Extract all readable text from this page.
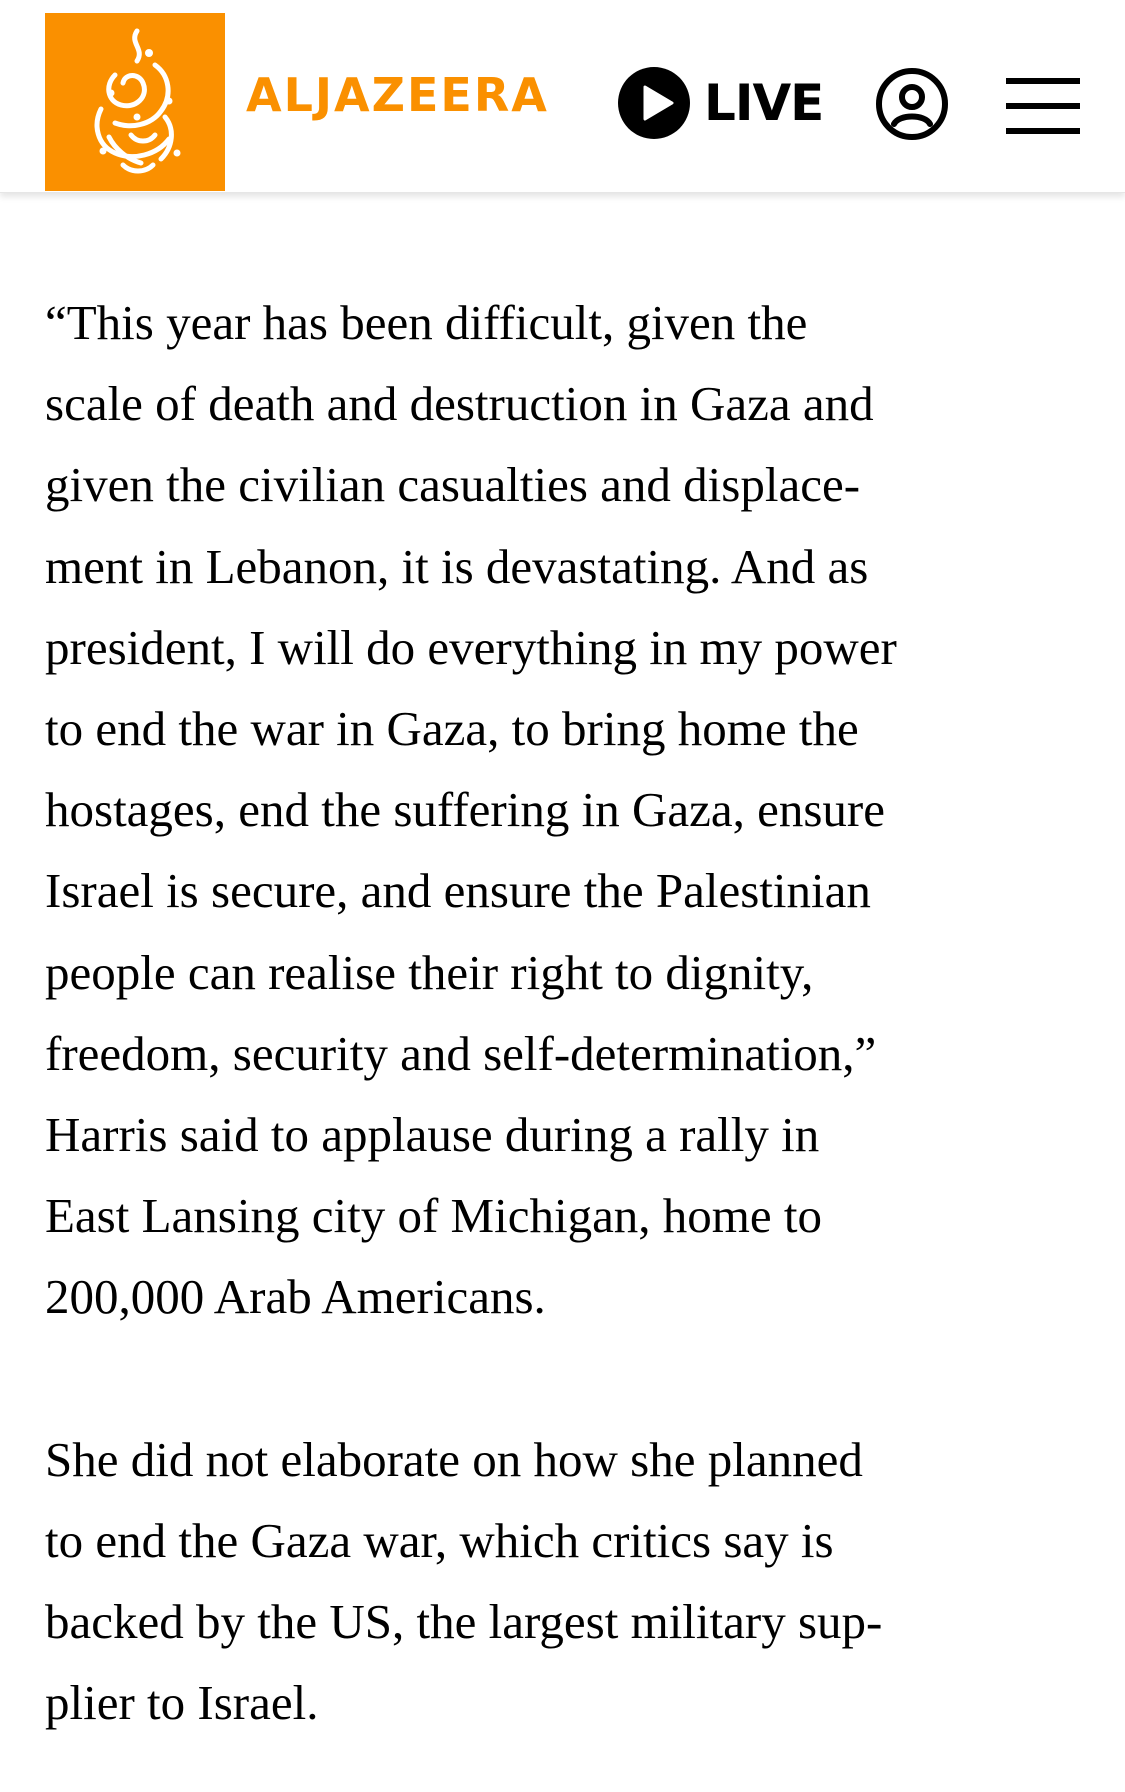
ALJAZEERA	LIVE

“This year has been difficult, given the
scale of death and destruction in Gaza and
given the civilian casualties and displace-
ment in Lebanon, it is devastating. And as
president, I will do everything in my power
to end the war in Gaza, to bring home the
hostages, end the suffering in Gaza, ensure
Israel is secure, and ensure the Palestinian
people can realise their right to dignity,
freedom, security and self-determination,”
Harris said to applause during a rally in
East Lansing city of Michigan, home to
200,000 Arab Americans.

She did not elaborate on how she planned
to end the Gaza war, which critics say is
backed by the US, the largest military sup-
plier to Israel.
